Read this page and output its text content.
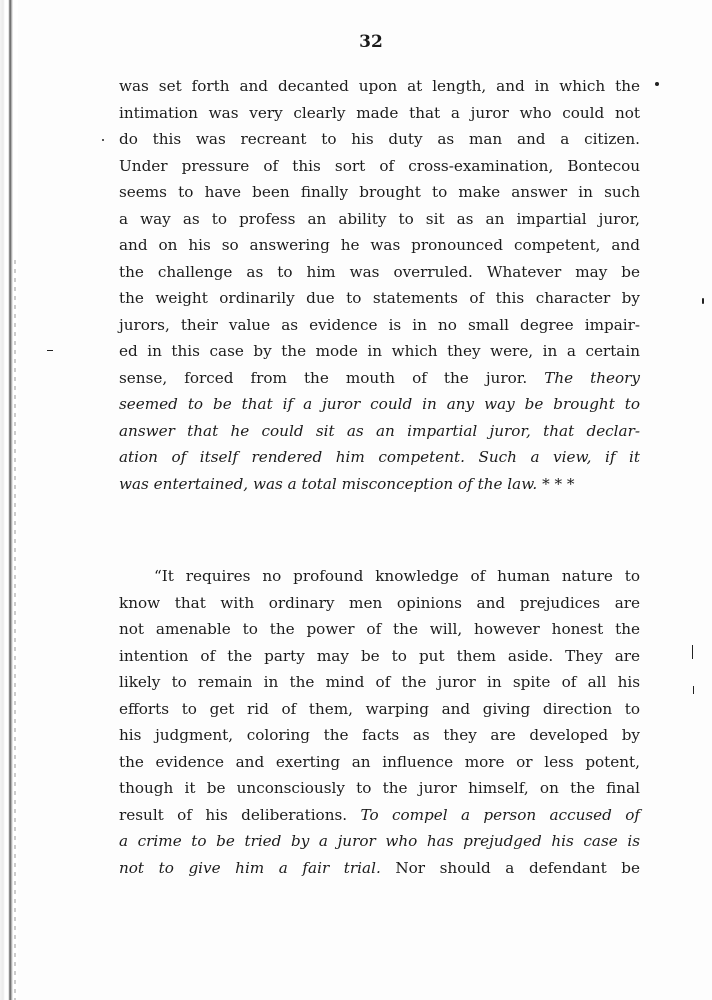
32
was set forth and decanted upon at length, and in which the
intimation was very clearly made that a juror who could not
do this was recreant to his duty as man and a citizen.
Under pressure of this sort of cross-examination, Bontecou
seems to have been finally brought to make answer in such
a way as to profess an ability to sit as an impartial juror,
and on his so answering he was pronounced competent, and
the challenge as to him was overruled. Whatever may be
the weight ordinarily due to statements of this character by
jurors, their value as evidence is in no small degree impair-
ed in this case by the mode in which they were, in a certain
sense, forced from the mouth of the juror. The theory
seemed to be that if a juror could in any way be brought to
answer that he could sit as an impartial juror, that declar-
ation of itself rendered him competent. Such a view, if it
was entertained, was a total misconception of the law. * * *
“It requires no profound knowledge of human nature to
know that with ordinary men opinions and prejudices are
not amenable to the power of the will, however honest the
intention of the party may be to put them aside. They are
likely to remain in the mind of the juror in spite of all his
efforts to get rid of them, warping and giving direction to
his judgment, coloring the facts as they are developed by
the evidence and exerting an influence more or less potent,
though it be unconsciously to the juror himself, on the final
result of his deliberations. To compel a person accused of
a crime to be tried by a juror who has prejudged his case is
not to give him a fair trial. Nor should a defendant be
